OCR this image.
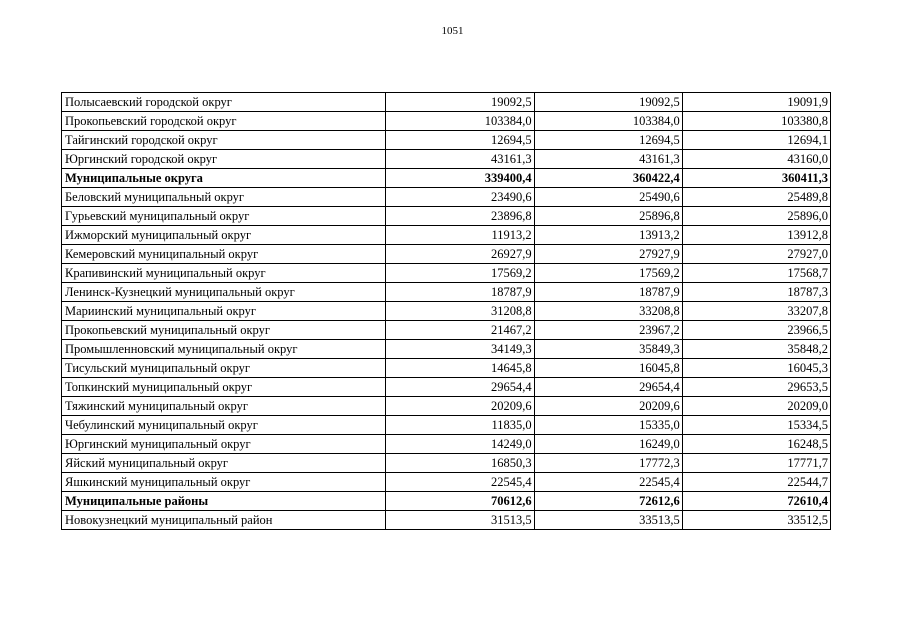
1051
Полысаевский городской округ	19092,5	19092,5	19091,9
Прокопьевский городской округ	103384,0	103384,0	103380,8
Тайгинский городской округ	12694,5	12694,5	12694,1
Юргинский городской округ	43161,3	43161,3	43160,0
Муниципальные округа	339400,4	360422,4	360411,3
Беловский муниципальный округ	23490,6	25490,6	25489,8
Гурьевский муниципальный округ	23896,8	25896,8	25896,0
Ижморский муниципальный округ	11913,2	13913,2	13912,8
Кемеровский муниципальный округ	26927,9	27927,9	27927,0
Крапивинский муниципальный округ	17569,2	17569,2	17568,7
Ленинск-Кузнецкий муниципальный округ	18787,9	18787,9	18787,3
Мариинский муниципальный округ	31208,8	33208,8	33207,8
Прокопьевский муниципальный округ	21467,2	23967,2	23966,5
Промышленновский муниципальный округ	34149,3	35849,3	35848,2
Тисульский муниципальный округ	14645,8	16045,8	16045,3
Топкинский муниципальный округ	29654,4	29654,4	29653,5
Тяжинский муниципальный округ	20209,6	20209,6	20209,0
Чебулинский муниципальный округ	11835,0	15335,0	15334,5
Юргинский муниципальный округ	14249,0	16249,0	16248,5
Яйский муниципальный округ	16850,3	17772,3	17771,7
Яшкинский муниципальный округ	22545,4	22545,4	22544,7
Муниципальные районы	70612,6	72612,6	72610,4
Новокузнецкий муниципальный район	31513,5	33513,5	33512,5
